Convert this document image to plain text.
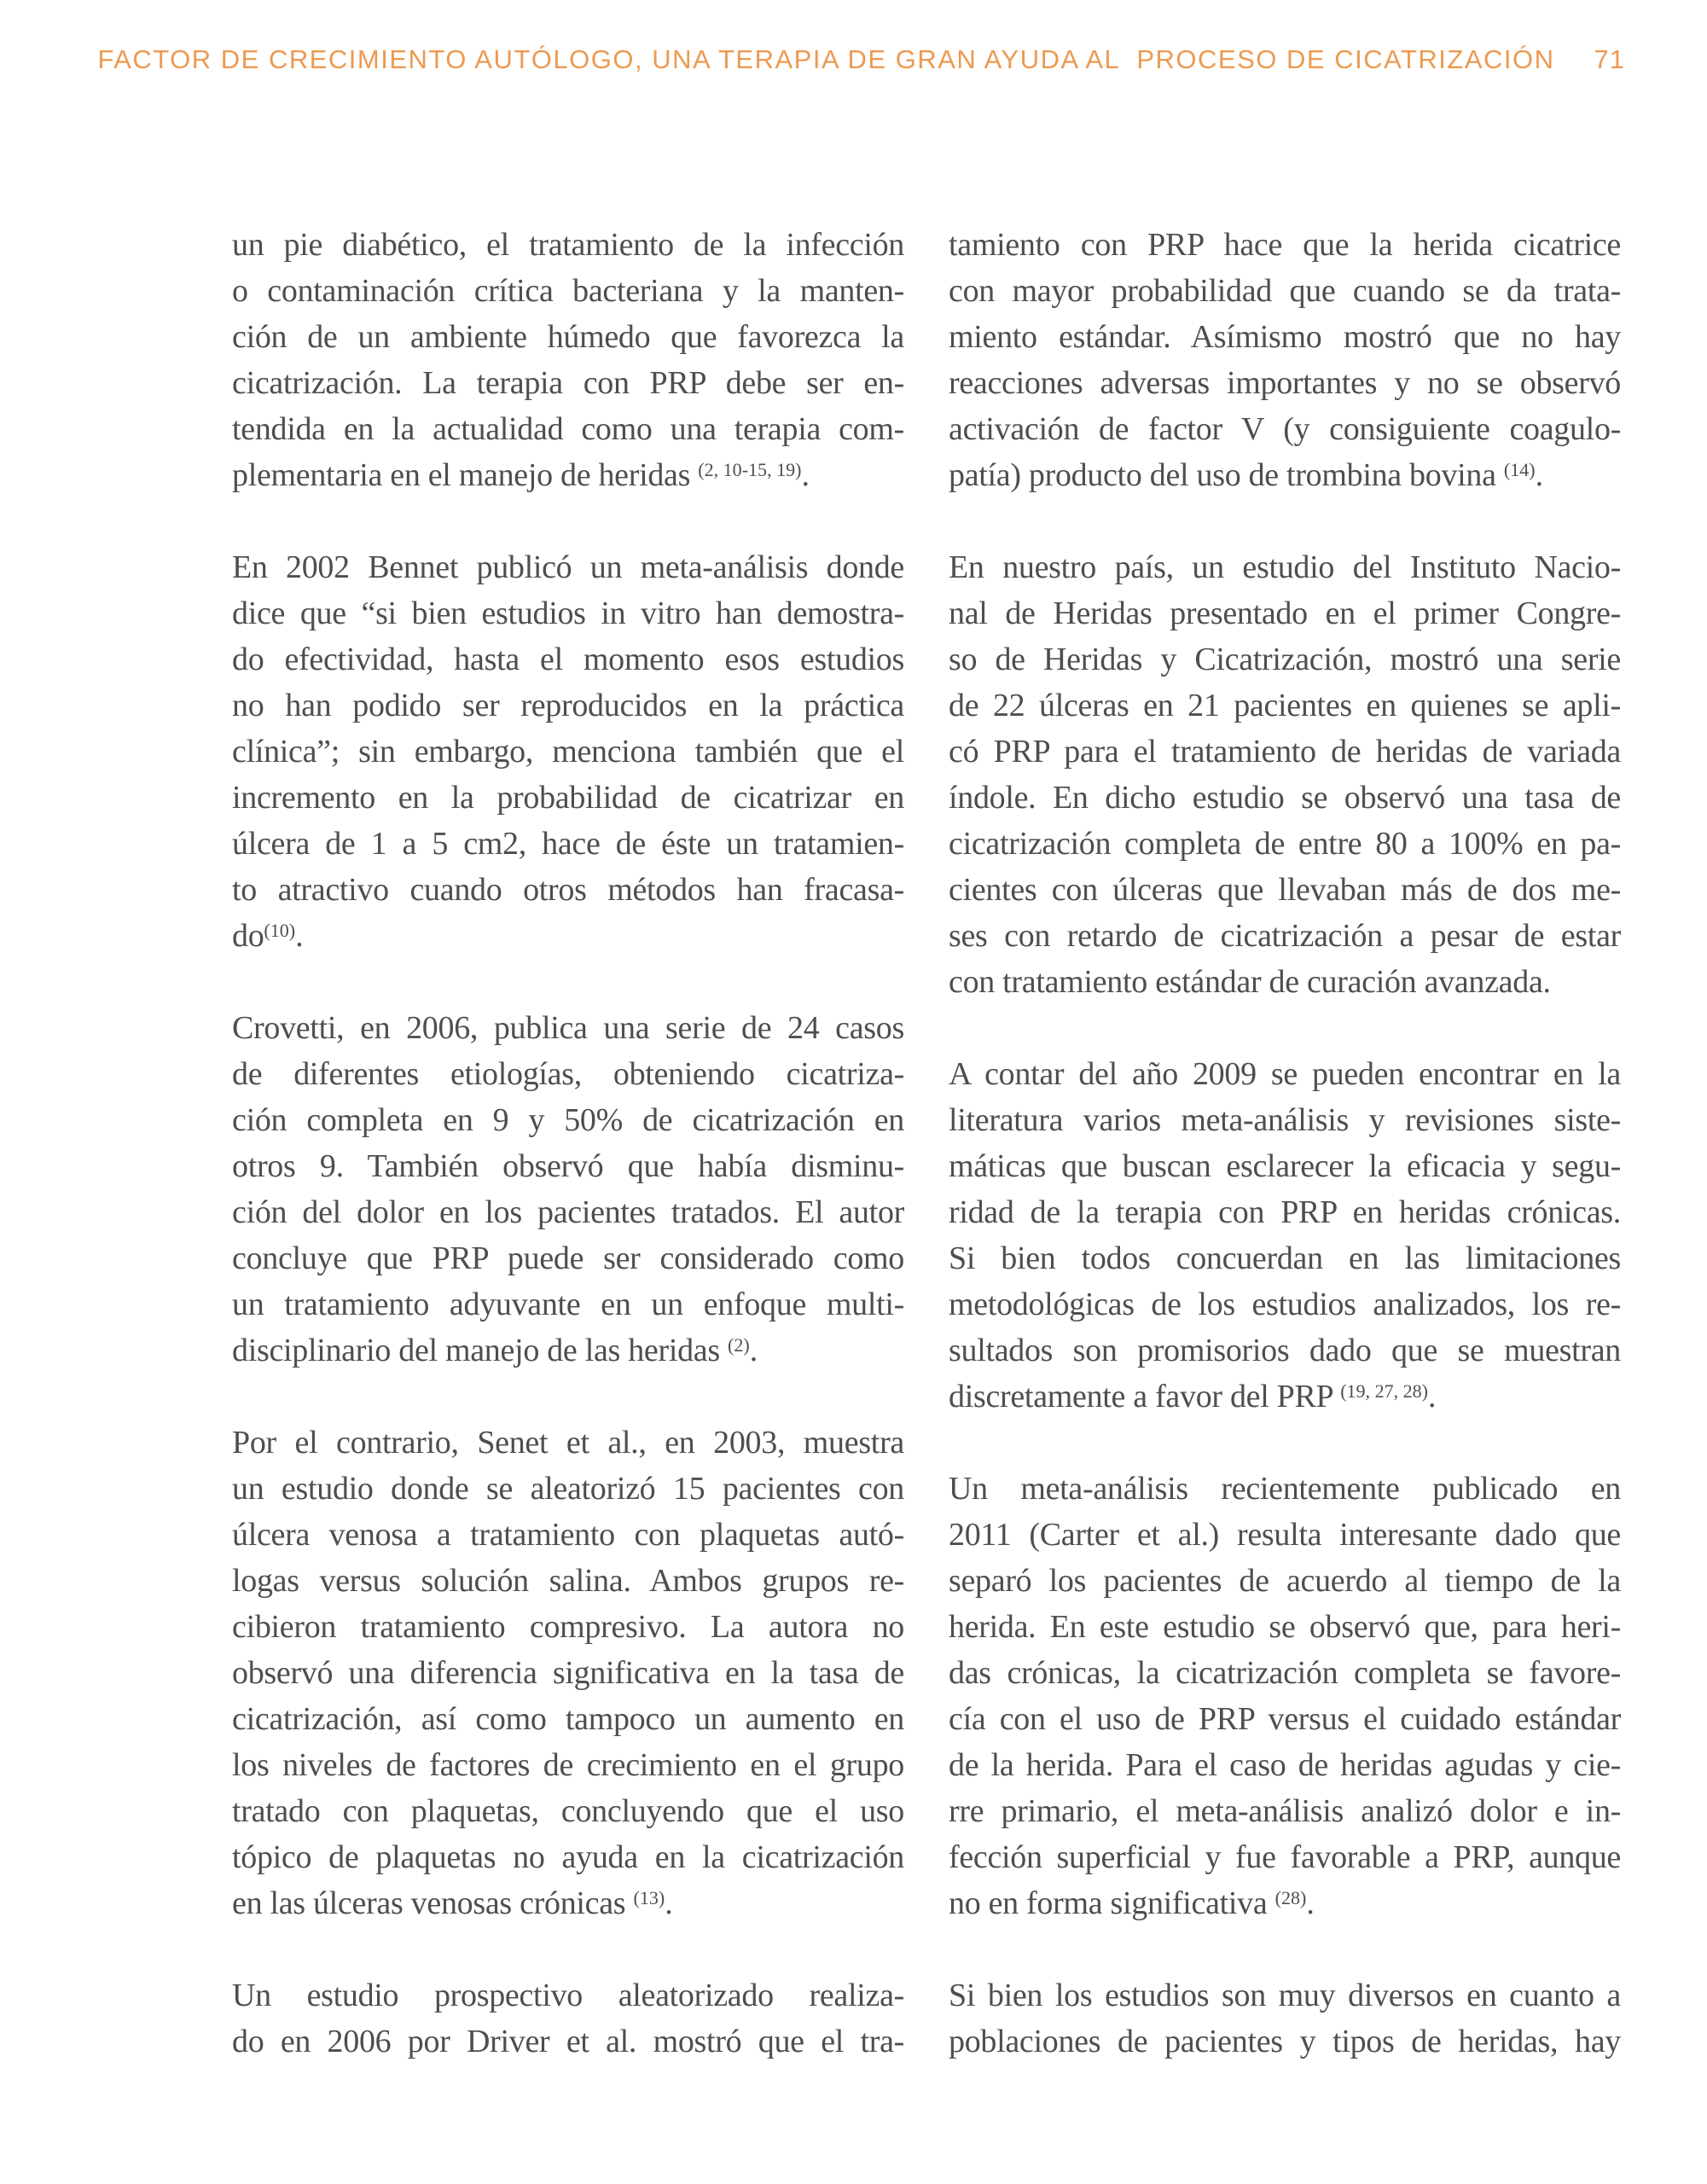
FACTOR DE CRECIMIENTO AUTÓLOGO, UNA TERAPIA DE GRAN AYUDA AL  PROCESO DE CICATRIZACIÓN 71
un pie diabético, el tratamiento de la infección
o contaminación crítica bacteriana y la manten-
ción de un ambiente húmedo que favorezca la
cicatrización. La terapia con PRP debe ser en-
tendida en la actualidad como una terapia com-
plementaria en el manejo de heridas $^{(2, 10-15, 19)}$.
En 2002 Bennet publicó un meta-análisis donde
dice que “si bien estudios in vitro han demostra-
do efectividad, hasta el momento esos estudios
no han podido ser reproducidos en la práctica
clínica”; sin embargo, menciona también que el
incremento en la probabilidad de cicatrizar en
úlcera de 1 a 5 cm2, hace de éste un tratamien-
to atractivo cuando otros métodos han fracasa-
$do^{(10)}$.
Crovetti, en 2006, publica una serie de 24 casos
de diferentes etiologías, obteniendo cicatriza-
ción completa en 9 y 50% de cicatrización en
otros 9. También observó que había disminu-
ción del dolor en los pacientes tratados. El autor
concluye que PRP puede ser considerado como
un tratamiento adyuvante en un enfoque multi-
disciplinario del manejo de las heridas $^{(2)}$.
Por el contrario, Senet et al., en 2003, muestra
un estudio donde se aleatorizó 15 pacientes con
úlcera venosa a tratamiento con plaquetas autó-
logas versus solución salina. Ambos grupos re-
cibieron tratamiento compresivo. La autora no
observó una diferencia significativa en la tasa de
cicatrización, así como tampoco un aumento en
los niveles de factores de crecimiento en el grupo
tratado con plaquetas, concluyendo que el uso
tópico de plaquetas no ayuda en la cicatrización
en las úlceras venosas crónicas $^{(13)}$.
Un estudio prospectivo aleatorizado realiza-
do en 2006 por Driver et al. mostró que el tra-
tamiento con PRP hace que la herida cicatrice
con mayor probabilidad que cuando se da trata-
miento estándar. Asímismo mostró que no hay
reacciones adversas importantes y no se observó
activación de factor V (y consiguiente coagulo-
patía) producto del uso de trombina bovina $^{(14)}$.
En nuestro país, un estudio del Instituto Nacio-
nal de Heridas presentado en el primer Congre-
so de Heridas y Cicatrización, mostró una serie
de 22 úlceras en 21 pacientes en quienes se apli-
có PRP para el tratamiento de heridas de variada
índole. En dicho estudio se observó una tasa de
cicatrización completa de entre 80 a 100% en pa-
cientes con úlceras que llevaban más de dos me-
ses con retardo de cicatrización a pesar de estar
con tratamiento estándar de curación avanzada.
A contar del año 2009 se pueden encontrar en la
literatura varios meta-análisis y revisiones siste-
máticas que buscan esclarecer la eficacia y segu-
ridad de la terapia con PRP en heridas crónicas.
Si bien todos concuerdan en las limitaciones
metodológicas de los estudios analizados, los re-
sultados son promisorios dado que se muestran
discretamente a favor del PRP $^{(19, 27, 28)}$.
Un meta-análisis recientemente publicado en
2011 (Carter et al.) resulta interesante dado que
separó los pacientes de acuerdo al tiempo de la
herida. En este estudio se observó que, para heri-
das crónicas, la cicatrización completa se favore-
cía con el uso de PRP versus el cuidado estándar
de la herida. Para el caso de heridas agudas y cie-
rre primario, el meta-análisis analizó dolor e in-
fección superficial y fue favorable a PRP, aunque
no en forma significativa $^{(28)}$.
Si bien los estudios son muy diversos en cuanto a
poblaciones de pacientes y tipos de heridas, hay
